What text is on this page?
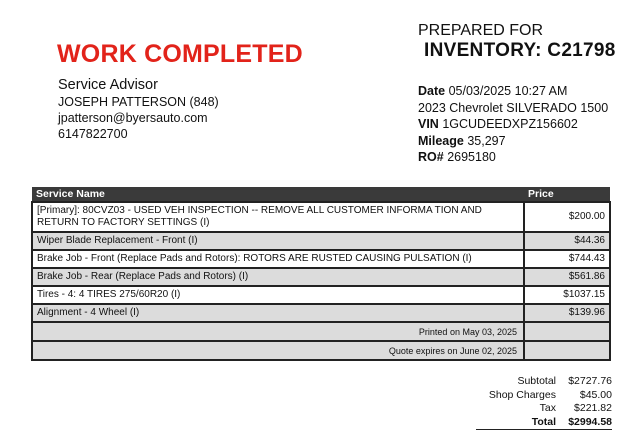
WORK COMPLETED
Service Advisor
JOSEPH PATTERSON (848)
jpatterson@byersauto.com
6147822700
PREPARED FOR
INVENTORY: C21798
Date 05/03/2025 10:27 AM
2023 Chevrolet SILVERADO 1500
VIN 1GCUDEEDXPZ156602
Mileage 35,297
RO# 2695180
Service Name	Price
[Primary]: 80CVZ03 - USED VEH INSPECTION -- REMOVE ALL CUSTOMER INFORMA TION AND RETURN TO FACTORY SETTINGS (I)	$200.00
Wiper Blade Replacement - Front (I)	$44.36
Brake Job - Front (Replace Pads and Rotors): ROTORS ARE RUSTED CAUSING PULSATION (I)	$744.43
Brake Job - Rear (Replace Pads and Rotors) (I)	$561.86
Tires - 4: 4 TIRES 275/60R20 (I)	$1037.15
Alignment - 4 Wheel (I)	$139.96
Printed on May 03, 2025	
Quote expires on June 02, 2025	
Subtotal	$2727.76
Shop Charges	$45.00
Tax	$221.82
Total	$2994.58
